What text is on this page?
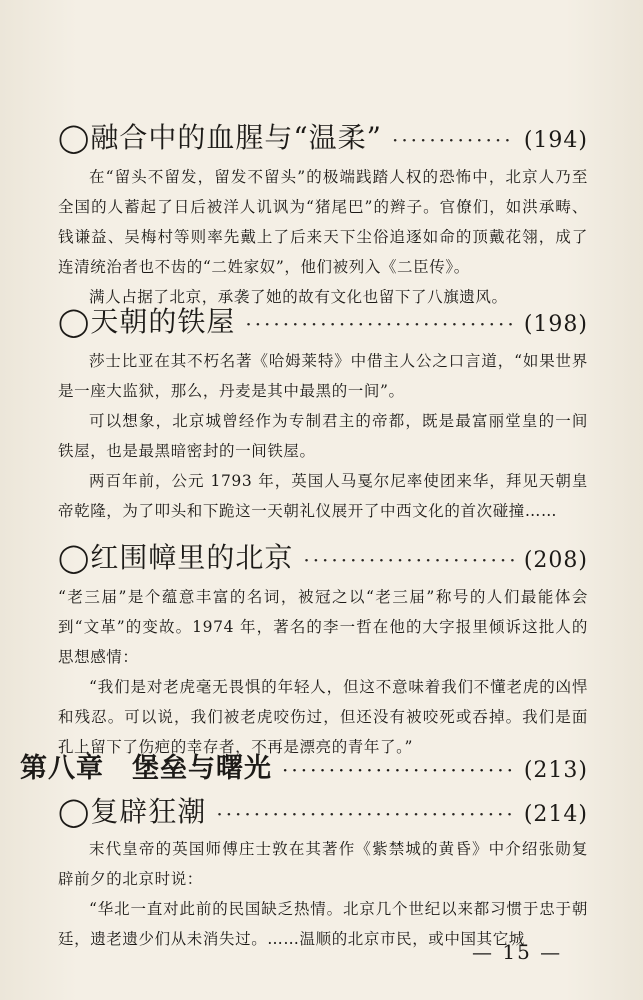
◯融合中的血腥与“温柔” ·····	(194)

在“留头不留发，留发不留头”的极端践踏人权的恐怖中，北京人乃至全国的人蓄起了日后被洋人讥讽为“猪尾巴”的辫子。官僚们，如洪承畴、钱谦益、吴梅村等则率先戴上了后来天下尘俗追逐如命的顶戴花翎，成了连清统治者也不齿的“二姓家奴”，他们被列入《二臣传》。

满人占据了北京，承袭了她的故有文化也留下了八旗遗风。

◯天朝的铁屋 ·····	(198)

莎士比亚在其不朽名著《哈姆莱特》中借主人公之口言道，“如果世界是一座大监狱，那么，丹麦是其中最黑的一间”。

可以想象，北京城曾经作为专制君主的帝都，既是最富丽堂皇的一间铁屋，也是最黑暗密封的一间铁屋。

两百年前，公元 1793 年，英国人马戛尔尼率使团来华，拜见天朝皇帝乾隆，为了叩头和下跪这一天朝礼仪展开了中西文化的首次碰撞……

◯红围幛里的北京 ·····	(208)

“老三届”是个蕴意丰富的名词，被冠之以“老三届”称号的人们最能体会到“文革”的变故。1974 年，著名的李一哲在他的大字报里倾诉这批人的思想感情：

“我们是对老虎毫无畏惧的年轻人，但这不意味着我们不懂老虎的凶悍和残忍。可以说，我们被老虎咬伤过，但还没有被咬死或吞掉。我们是面孔上留下了伤疤的幸存者，不再是漂亮的青年了。”

第八章　堡垒与曙光 ·····	(213)
◯复辟狂潮 ·····	(214)

末代皇帝的英国师傅庄士敦在其著作《紫禁城的黄昏》中介绍张勋复辟前夕的北京时说：

“华北一直对此前的民国缺乏热情。北京几个世纪以来都习惯于忠于朝廷，遗老遗少们从未消失过。……温顺的北京市民，或中国其它城

— 15 —
